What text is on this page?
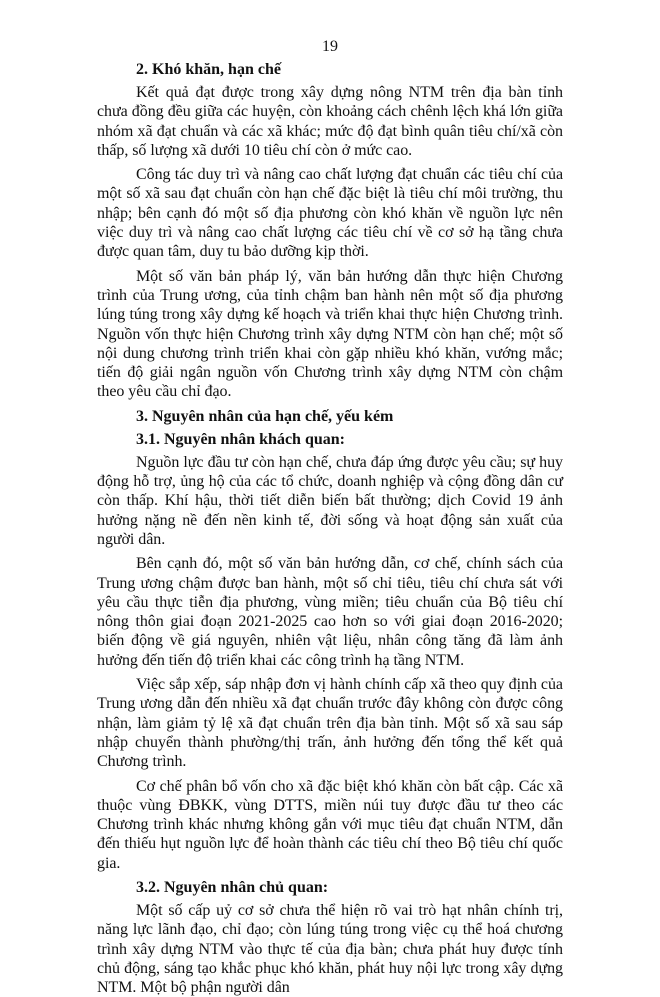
19
2. Khó khăn, hạn chế

Kết quả đạt được trong xây dựng nông NTM trên địa bàn tỉnh chưa đồng đều giữa các huyện, còn khoảng cách chênh lệch khá lớn giữa nhóm xã đạt chuẩn và các xã khác; mức độ đạt bình quân tiêu chí/xã còn thấp, số lượng xã dưới 10 tiêu chí còn ở mức cao.

Công tác duy trì và nâng cao chất lượng đạt chuẩn các tiêu chí của một số xã sau đạt chuẩn còn hạn chế đặc biệt là tiêu chí môi trường, thu nhập; bên cạnh đó một số địa phương còn khó khăn về nguồn lực nên việc duy trì và nâng cao chất lượng các tiêu chí về cơ sở hạ tầng chưa được quan tâm, duy tu bảo dưỡng kịp thời.

Một số văn bản pháp lý, văn bản hướng dẫn thực hiện Chương trình của Trung ương, của tỉnh chậm ban hành nên một số địa phương lúng túng trong xây dựng kế hoạch và triển khai thực hiện Chương trình. Nguồn vốn thực hiện Chương trình xây dựng NTM còn hạn chế; một số nội dung chương trình triển khai còn gặp nhiều khó khăn, vướng mắc; tiến độ giải ngân nguồn vốn Chương trình xây dựng NTM còn chậm theo yêu cầu chỉ đạo.

3. Nguyên nhân của hạn chế, yếu kém
3.1. Nguyên nhân khách quan:

Nguồn lực đầu tư còn hạn chế, chưa đáp ứng được yêu cầu; sự huy động hỗ trợ, ủng hộ của các tổ chức, doanh nghiệp và cộng đồng dân cư còn thấp. Khí hậu, thời tiết diễn biến bất thường; dịch Covid 19 ảnh hưởng nặng nề đến nền kinh tế, đời sống và hoạt động sản xuất của người dân.

Bên cạnh đó, một số văn bản hướng dẫn, cơ chế, chính sách của Trung ương chậm được ban hành, một số chỉ tiêu, tiêu chí chưa sát với yêu cầu thực tiễn địa phương, vùng miền; tiêu chuẩn của Bộ tiêu chí nông thôn giai đoạn 2021-2025 cao hơn so với giai đoạn 2016-2020; biến động về giá nguyên, nhiên vật liệu, nhân công tăng đã làm ảnh hưởng đến tiến độ triển khai các công trình hạ tầng NTM.

Việc sắp xếp, sáp nhập đơn vị hành chính cấp xã theo quy định của Trung ương dẫn đến nhiều xã đạt chuẩn trước đây không còn được công nhận, làm giảm tỷ lệ xã đạt chuẩn trên địa bàn tỉnh. Một số xã sau sáp nhập chuyển thành phường/thị trấn, ảnh hưởng đến tổng thể kết quả Chương trình.

Cơ chế phân bổ vốn cho xã đặc biệt khó khăn còn bất cập. Các xã thuộc vùng ĐBKK, vùng DTTS, miền núi tuy được đầu tư theo các Chương trình khác nhưng không gắn với mục tiêu đạt chuẩn NTM, dẫn đến thiếu hụt nguồn lực để hoàn thành các tiêu chí theo Bộ tiêu chí quốc gia.

3.2. Nguyên nhân chủ quan:

Một số cấp uỷ cơ sở chưa thể hiện rõ vai trò hạt nhân chính trị, năng lực lãnh đạo, chỉ đạo; còn lúng túng trong việc cụ thể hoá chương trình xây dựng NTM vào thực tế của địa bàn; chưa phát huy được tính chủ động, sáng tạo khắc phục khó khăn, phát huy nội lực trong xây dựng NTM. Một bộ phận người dân
